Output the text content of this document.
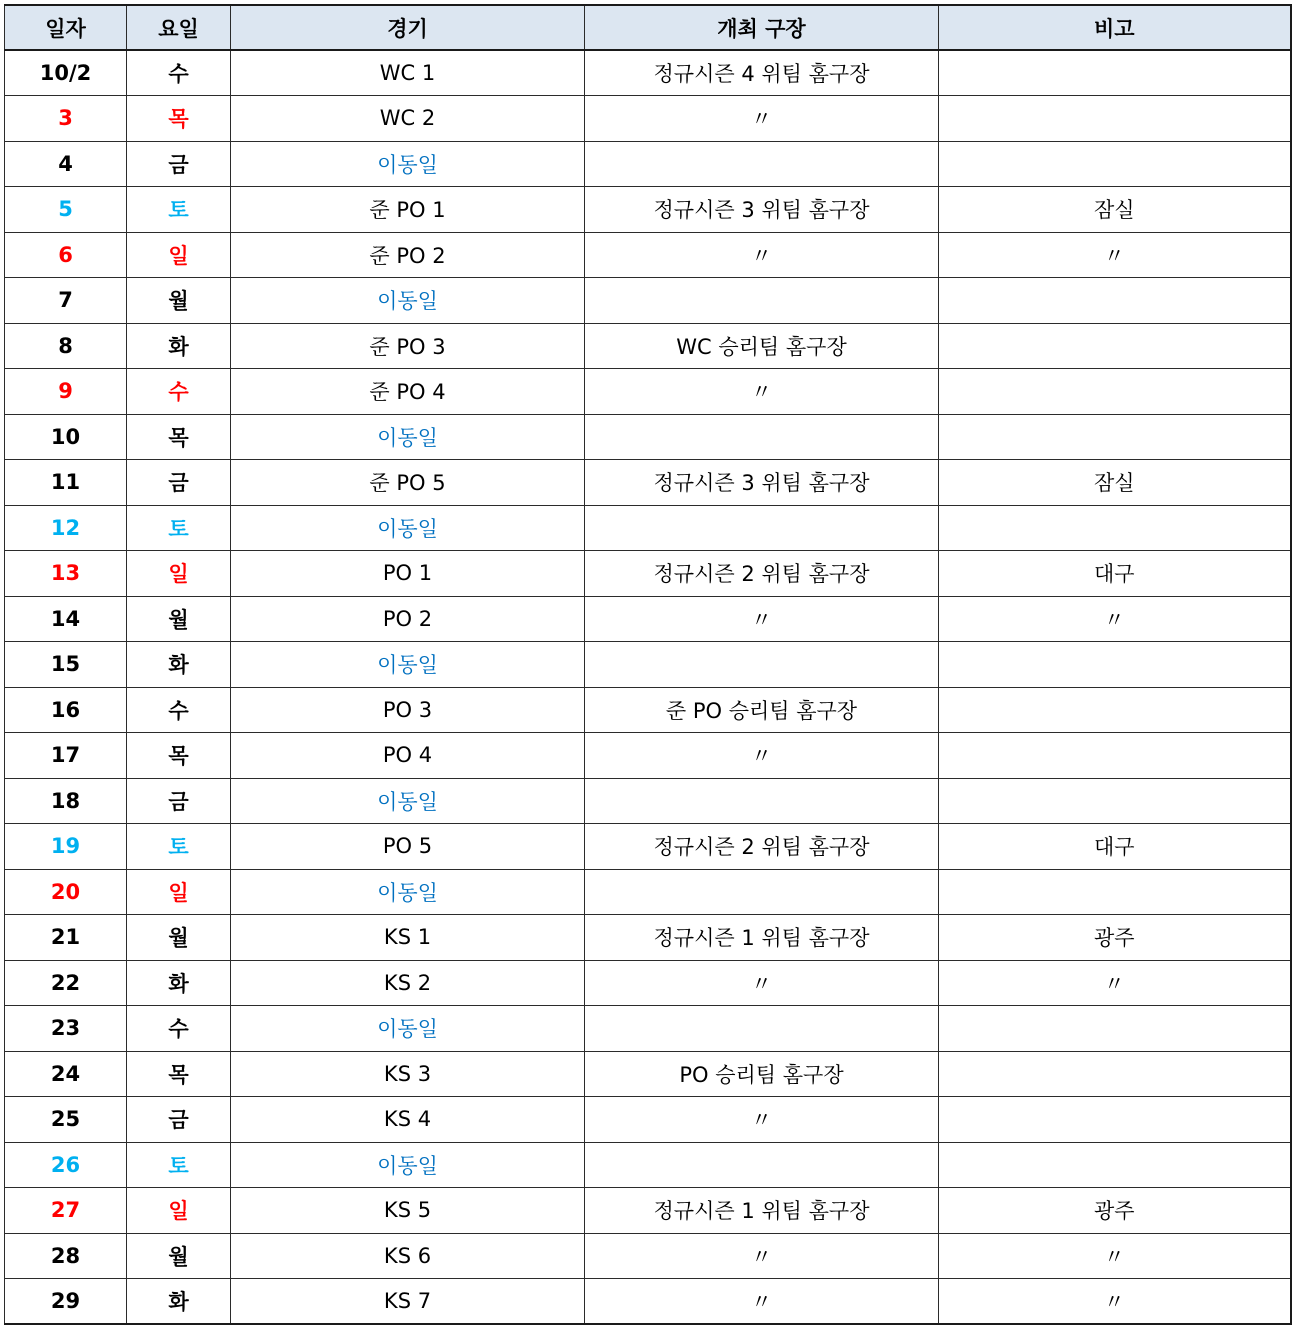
일자	요일	경기	개최 구장	비고
10/2	수	WC 1	정규시즌 4 위팀 홈구장	
3	목	WC 2	〃	
4	금	이동일		
5	토	준 PO 1	정규시즌 3 위팀 홈구장	잠실
6	일	준 PO 2	〃	〃
7	월	이동일		
8	화	준 PO 3	WC 승리팀 홈구장	
9	수	준 PO 4	〃	
10	목	이동일		
11	금	준 PO 5	정규시즌 3 위팀 홈구장	잠실
12	토	이동일		
13	일	PO 1	정규시즌 2 위팀 홈구장	대구
14	월	PO 2	〃	〃
15	화	이동일		
16	수	PO 3	준 PO 승리팀 홈구장	
17	목	PO 4	〃	
18	금	이동일		
19	토	PO 5	정규시즌 2 위팀 홈구장	대구
20	일	이동일		
21	월	KS 1	정규시즌 1 위팀 홈구장	광주
22	화	KS 2	〃	〃
23	수	이동일		
24	목	KS 3	PO 승리팀 홈구장	
25	금	KS 4	〃	
26	토	이동일		
27	일	KS 5	정규시즌 1 위팀 홈구장	광주
28	월	KS 6	〃	〃
29	화	KS 7	〃	〃
